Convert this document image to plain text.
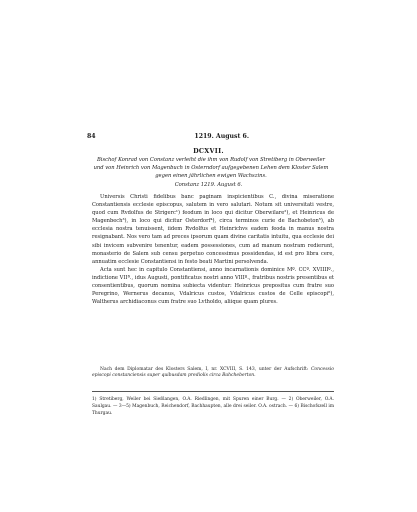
84	1219. August 6.
DCXVII.
Bischof Konrad von Constanz verleiht die ihm von Rudolf von Stretiberg in Oberweiler und von Heinrich von Magenbuch in Osterndorf aufgegebenen Lehen dem Kloster Salem gegen einen jährlichen ewigen Wachszins.
Constanz 1219. August 6.

Universis Christi fidelibus banc paginam inspicientibus C., divina miseratione Constantiensis ecclesie episcopus, salutem in vero salutari. Notum sit universitati vestre, quod cum Rvdolfus de Strigerc¹) feodum in loco qui dicitur Oberwilare²), et Heinricus de Magenbech³), in loco qui dicitur Osterdorf⁴), circa terminos curie de Bachobeton⁵), ab ecclesia nostra tenuissent, iidem Rvdolfus et Heinrichvs eadem feoda in manus nostra resignabant. Nos vero tam ad preces ipsorum quam divine caritatis intuitu, qua ecclesie dei sibi invicem subvenire tenentur, eadem possessiones, cum ad manum nostram redierunt, monasterio de Salem sub censu perpetuo concessimus possidendas, id est pro libra cere, annuatim ecclesie Constantiensi in festo beati Martini persolvenda.

Acta sunt hec in capitulo Constantiensi, anno incarnationis dominice Mº. CCº. XVIIIIº., indictione VIIª., idus Augusti, pontificatus nostri anno VIIIº., fratribus nostris presentibus et consentientibus, quorum nomina subiecta videntur: Heinricus prepositus cum fratre suo Peregrino, Wernerus decanus, Vdalricus custos, Vdalricus custos de Celle episcopi⁶), Waltherus archidiaconus cum fratre suo Lvtholdo, aliique quam plures.

Nach dem Diplomatar des Klosters Salem, I, nr. XCVIII, S. 143, unter der Aufschrift: Concessio episcopi constanciensis super quibusdam prediolis circa Bahcheberton.
1) Stretiberg, Weiler bei Sießlangen, O.A. Riedlingen, mit Spuren einer Burg. — 2) Oberweiler, O.A. Saulgau. — 3—5) Magenbuch, Reichendorf, Bachhaupten, alle drei seiler. O.A. ostrach. — 6) Bischofszell im Thurgau.
